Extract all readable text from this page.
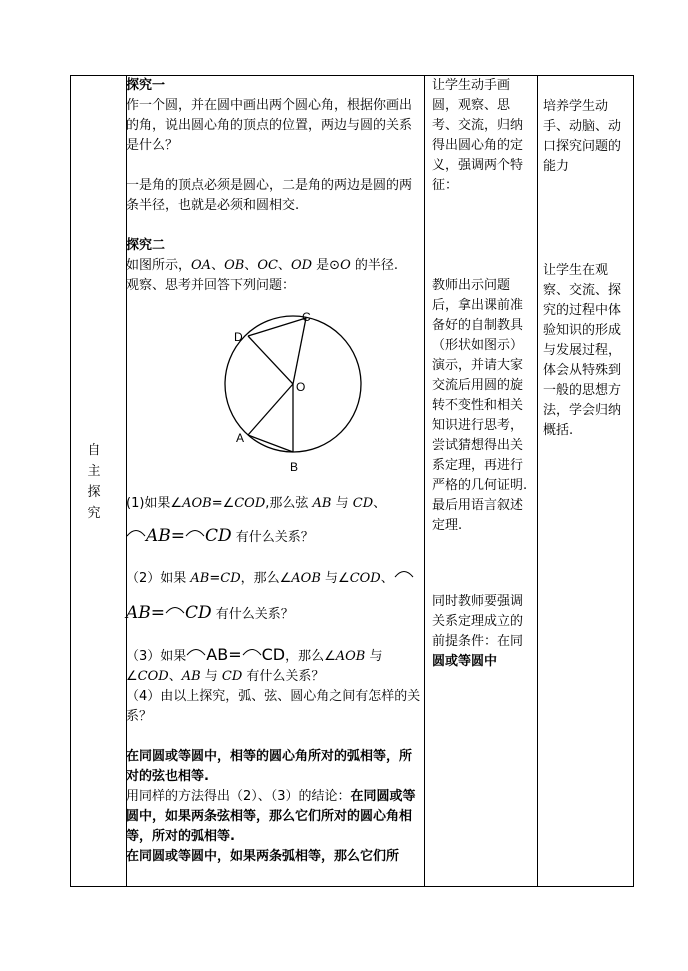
自
主
探
究

探究一

作一个圆，并在圆中画出两个圆心角，根据你画出的角，说出圆心角的顶点的位置，两边与圆的关系是什么？

一是角的顶点必须是圆心，二是角的两边是圆的两条半径，也就是必须和圆相交.

探究二

如图所示，OA、OB、OC、OD 是⊙O 的半径.

观察、思考并回答下列问题：

D
C
O
A
B

(1)如果∠AOB=∠COD,那么弦 AB 与 CD、

AB= CD 有什么关系？

（2）如果 AB=CD，那么∠AOB 与∠COD、

AB= CD 有什么关系？

（3）如果 AB= CD，那么∠AOB 与

∠COD、AB 与 CD 有什么关系？

（4）由以上探究，弧、弦、圆心角之间有怎样的关系？

在同圆或等圆中，相等的圆心角所对的弧相等，所对的弦也相等.

用同样的方法得出（2）、（3）的结论：在同圆或等圆中，如果两条弦相等，那么它们所对的圆心角相等，所对的弧相等.

在同圆或等圆中，如果两条弧相等，那么它们所

让学生动手画圆，观察、思考、交流，归纳得出圆心角的定义，强调两个特征：

教师出示问题后，拿出课前准备好的自制教具（形状如图示）演示，并请大家交流后用圆的旋转不变性和相关知识进行思考，尝试猜想得出关系定理，再进行严格的几何证明.最后用语言叙述定理.

同时教师要强调关系定理成立的前提条件：在同圆或等圆中

培养学生动手、动脑、动口探究问题的能力

让学生在观察、交流、探究的过程中体验知识的形成与发展过程，体会从特殊到一般的思想方法，学会归纳概括.
